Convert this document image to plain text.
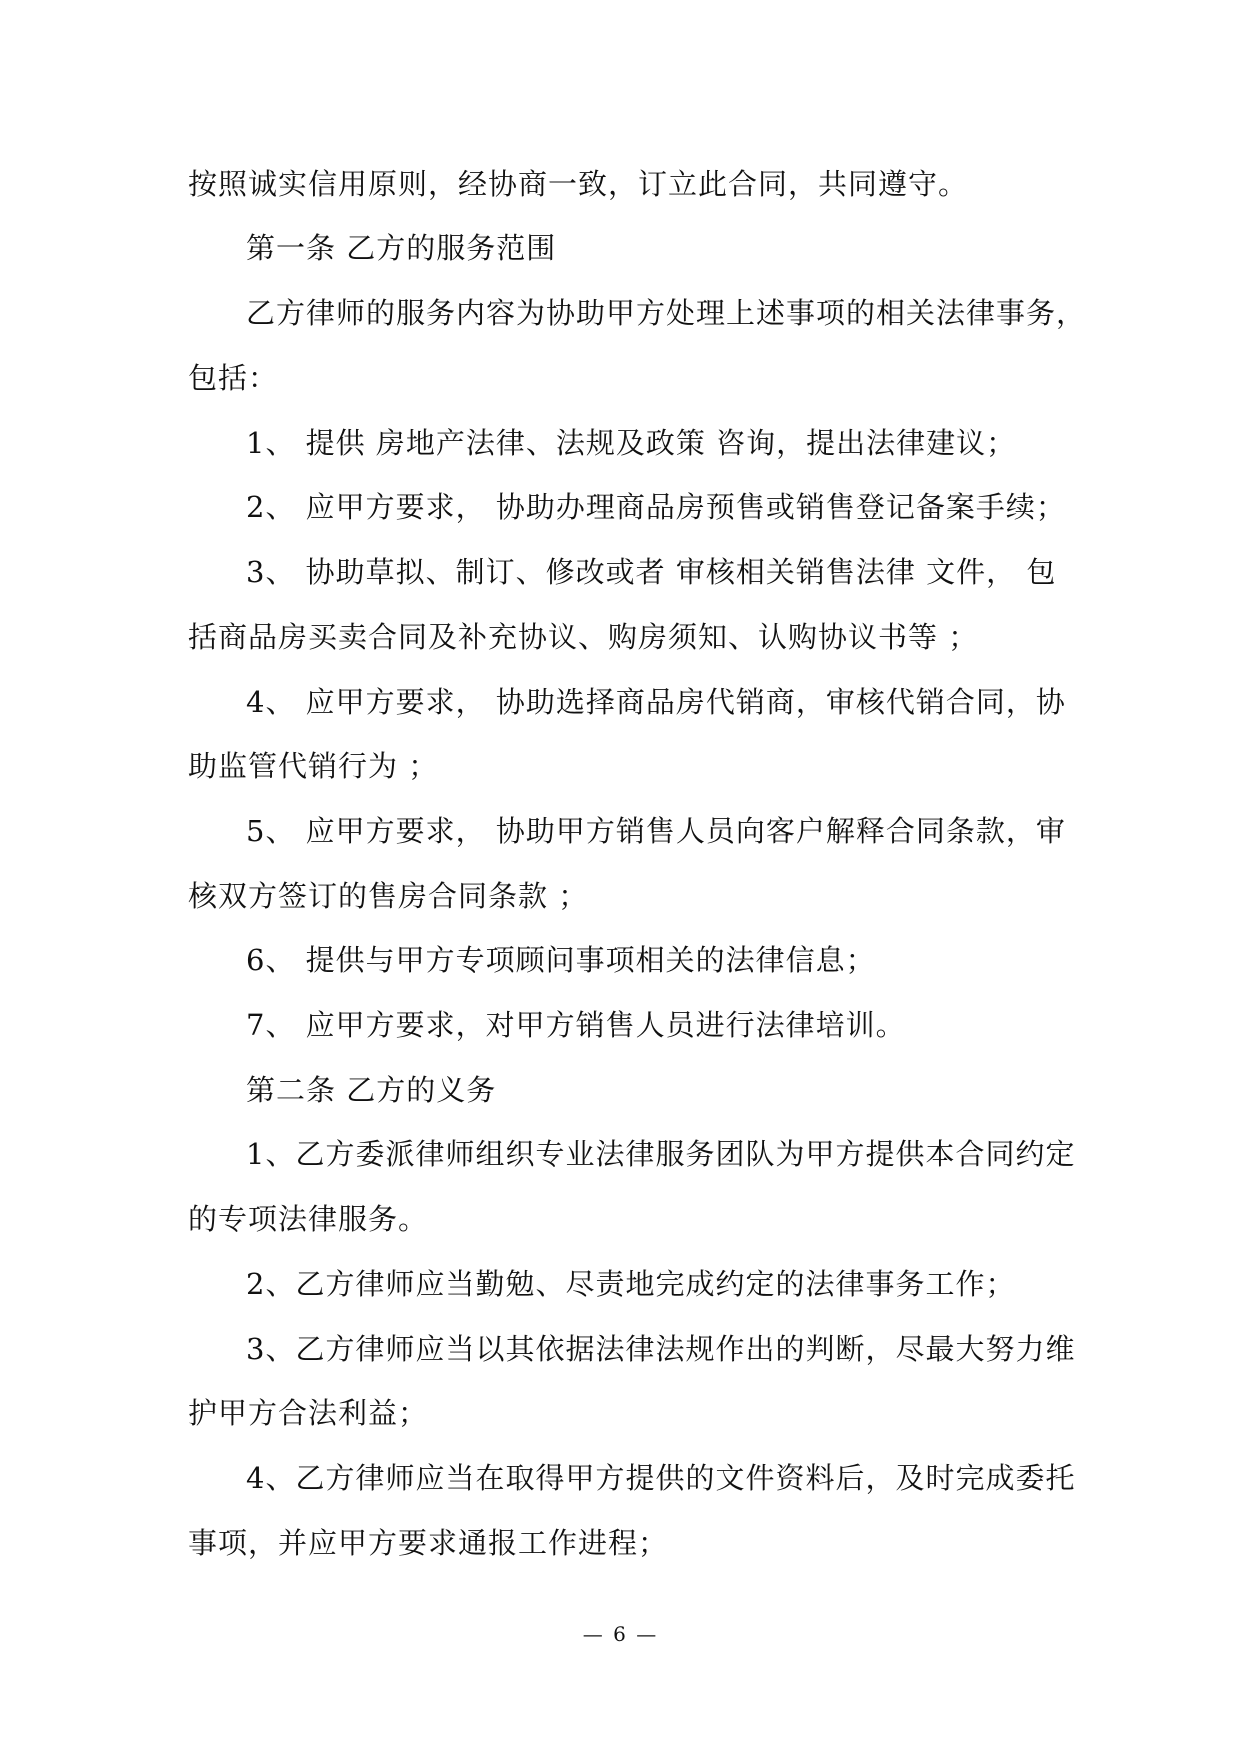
按照诚实信用原则，经协商一致，订立此合同，共同遵守。
第一条 乙方的服务范围
乙方律师的服务内容为协助甲方处理上述事项的相关法律事务，
包括：
1、 提供 房地产法律、法规及政策 咨询，提出法律建议；
2、 应甲方要求， 协助办理商品房预售或销售登记备案手续；
3、 协助草拟、制订、修改或者 审核相关销售法律 文件， 包
括商品房买卖合同及补充协议、购房须知、认购协议书等 ；
4、 应甲方要求， 协助选择商品房代销商，审核代销合同，协
助监管代销行为 ；
5、 应甲方要求， 协助甲方销售人员向客户解释合同条款，审
核双方签订的售房合同条款 ；
6、 提供与甲方专项顾问事项相关的法律信息；
7、 应甲方要求，对甲方销售人员进行法律培训。
第二条 乙方的义务
1、乙方委派律师组织专业法律服务团队为甲方提供本合同约定
的专项法律服务。
2、乙方律师应当勤勉、尽责地完成约定的法律事务工作；
3、乙方律师应当以其依据法律法规作出的判断，尽最大努力维
护甲方合法利益；
4、乙方律师应当在取得甲方提供的文件资料后，及时完成委托
事项，并应甲方要求通报工作进程；
— 6 —
